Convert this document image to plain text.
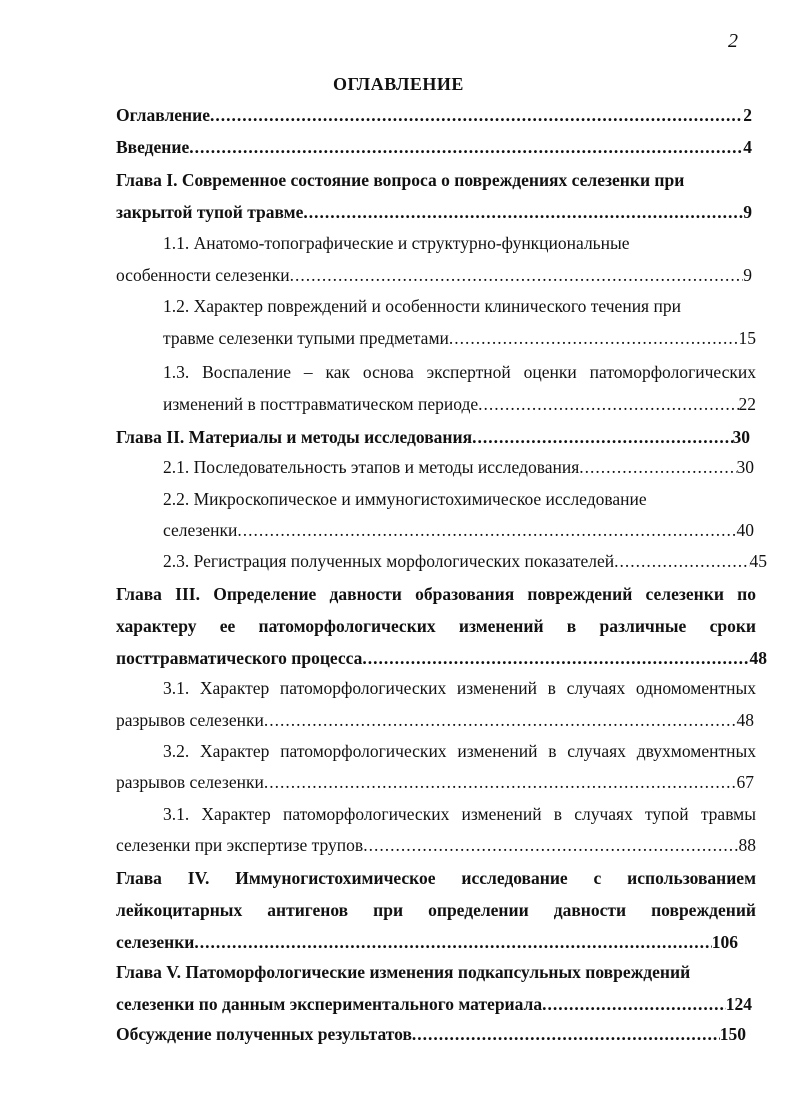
2
ОГЛАВЛЕНИЕ
Оглавление .....	2
Введение .....	4
Глава I. Современное состояние вопроса о повреждениях селезенки при
закрытой тупой травме .....	9
1.1. Анатомо-топографические и структурно-функциональные
особенности селезенки .....	9
1.2. Характер повреждений и особенности клинического течения при
травме селезенки тупыми предметами .....	15
1.3. Воспаление – как основа экспертной оценки патоморфологических
изменений в посттравматическом периоде .....	22
Глава II. Материалы и методы исследования .....	30
2.1. Последовательность этапов и методы исследования .....	30
2.2. Микроскопическое и иммуногистохимическое исследование
селезенки .....	40
2.3. Регистрация полученных морфологических показателей .....	45
Глава III. Определение давности образования повреждений селезенки по
характеру ее патоморфологических изменений в различные сроки
посттравматического процесса .....	48
3.1. Характер патоморфологических изменений в случаях одномоментных
разрывов селезенки .....	48
3.2. Характер патоморфологических изменений в случаях двухмоментных
разрывов селезенки .....	67
3.1. Характер патоморфологических изменений в случаях тупой травмы
селезенки при экспертизе трупов .....	88
Глава IV. Иммуногистохимическое исследование с использованием
лейкоцитарных антигенов при определении давности повреждений
селезенки .....	106
Глава V. Патоморфологические изменения подкапсульных повреждений
селезенки по данным экспериментального материала .....	124
Обсуждение полученных результатов .....	150
